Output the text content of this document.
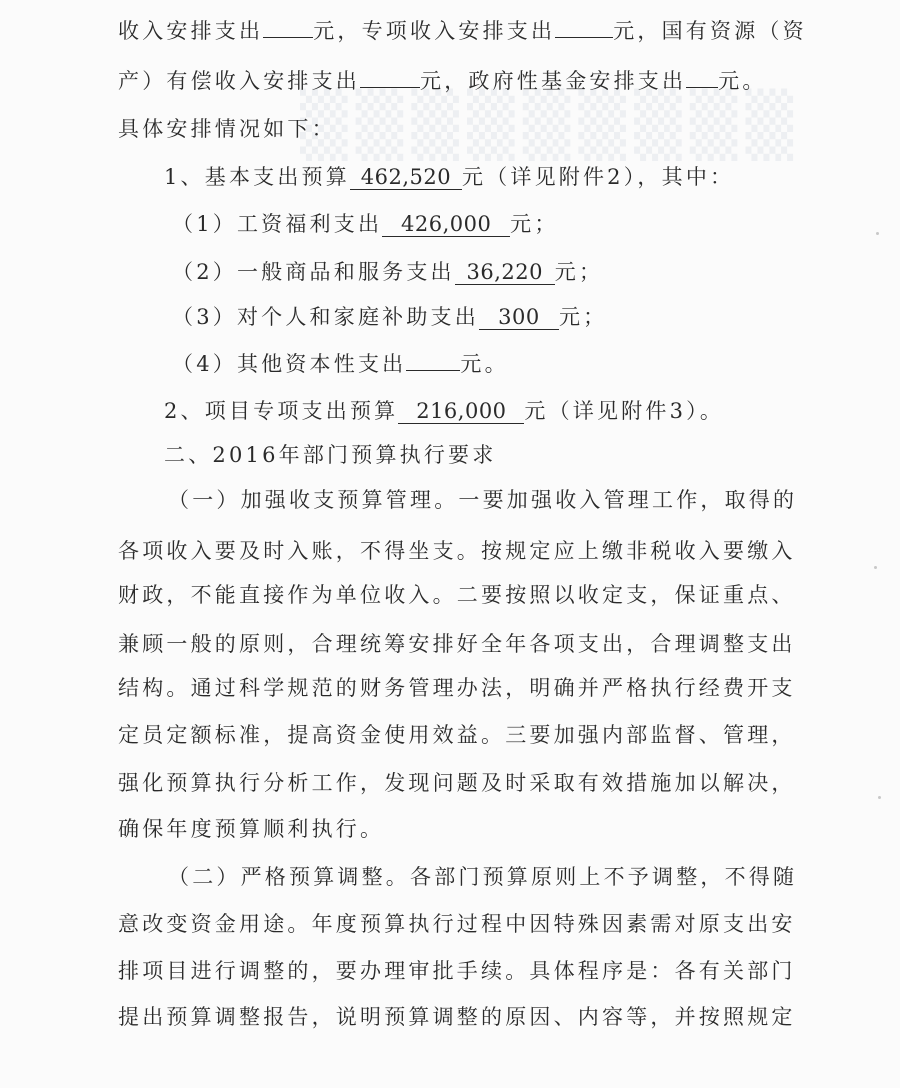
▒▒▒▒▒▒▒▒▒
收入安排支出 元，专项收入安排支出	元，国有资源（资
产）有偿收入安排支出	元，政府性基金安排支出 元。
具体安排情况如下：
1、基本支出预算 462,520 元（详见附件2），其中：
（1）工资福利支出 426,000 元；
（2）一般商品和服务支出 36,220 元；
（3）对个人和家庭补助支出 300 元；
（4）其他资本性支出	元。
2、项目专项支出预算 216,000 元（详见附件3）。
二、2016年部门预算执行要求
（一）加强收支预算管理。一要加强收入管理工作，取得的
各项收入要及时入账，不得坐支。按规定应上缴非税收入要缴入
财政，不能直接作为单位收入。二要按照以收定支，保证重点、
兼顾一般的原则，合理统筹安排好全年各项支出，合理调整支出
结构。通过科学规范的财务管理办法，明确并严格执行经费开支
定员定额标准，提高资金使用效益。三要加强内部监督、管理，
强化预算执行分析工作，发现问题及时采取有效措施加以解决，
确保年度预算顺利执行。
（二）严格预算调整。各部门预算原则上不予调整，不得随
意改变资金用途。年度预算执行过程中因特殊因素需对原支出安
排项目进行调整的，要办理审批手续。具体程序是：各有关部门
提出预算调整报告，说明预算调整的原因、内容等，并按照规定
